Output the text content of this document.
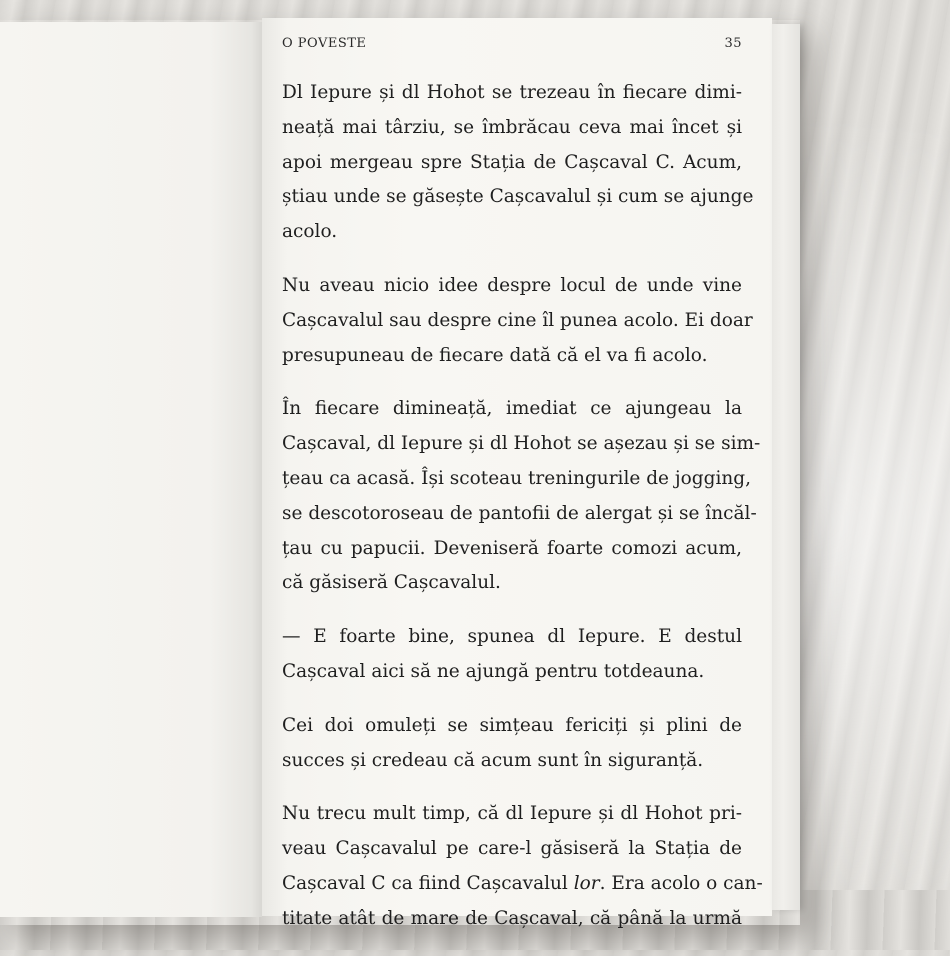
O POVESTE	35
Dl Iepure și dl Hohot se trezeau în fiecare dimi-
neață mai târziu, se îmbrăcau ceva mai încet și
apoi mergeau spre Stația de Cașcaval C. Acum,
știau unde se găsește Cașcavalul și cum se ajunge
acolo.
Nu aveau nicio idee despre locul de unde vine
Cașcavalul sau despre cine îl punea acolo. Ei doar
presupuneau de fiecare dată că el va fi acolo.
În fiecare dimineață, imediat ce ajungeau la
Cașcaval, dl Iepure și dl Hohot se așezau și se sim-
țeau ca acasă. Își scoteau treningurile de jogging,
se descotoroseau de pantofii de alergat și se încăl-
țau cu papucii. Deveniseră foarte comozi acum,
că găsiseră Cașcavalul.
— E foarte bine, spunea dl Iepure. E destul
Cașcaval aici să ne ajungă pentru totdeauna.
Cei doi omuleți se simțeau fericiți și plini de
succes și credeau că acum sunt în siguranță.
Nu trecu mult timp, că dl Iepure și dl Hohot pri-
veau Cașcavalul pe care-l găsiseră la Stația de
Cașcaval C ca fiind Cașcavalul lor. Era acolo o can-
titate atât de mare de Cașcaval, că până la urmă
